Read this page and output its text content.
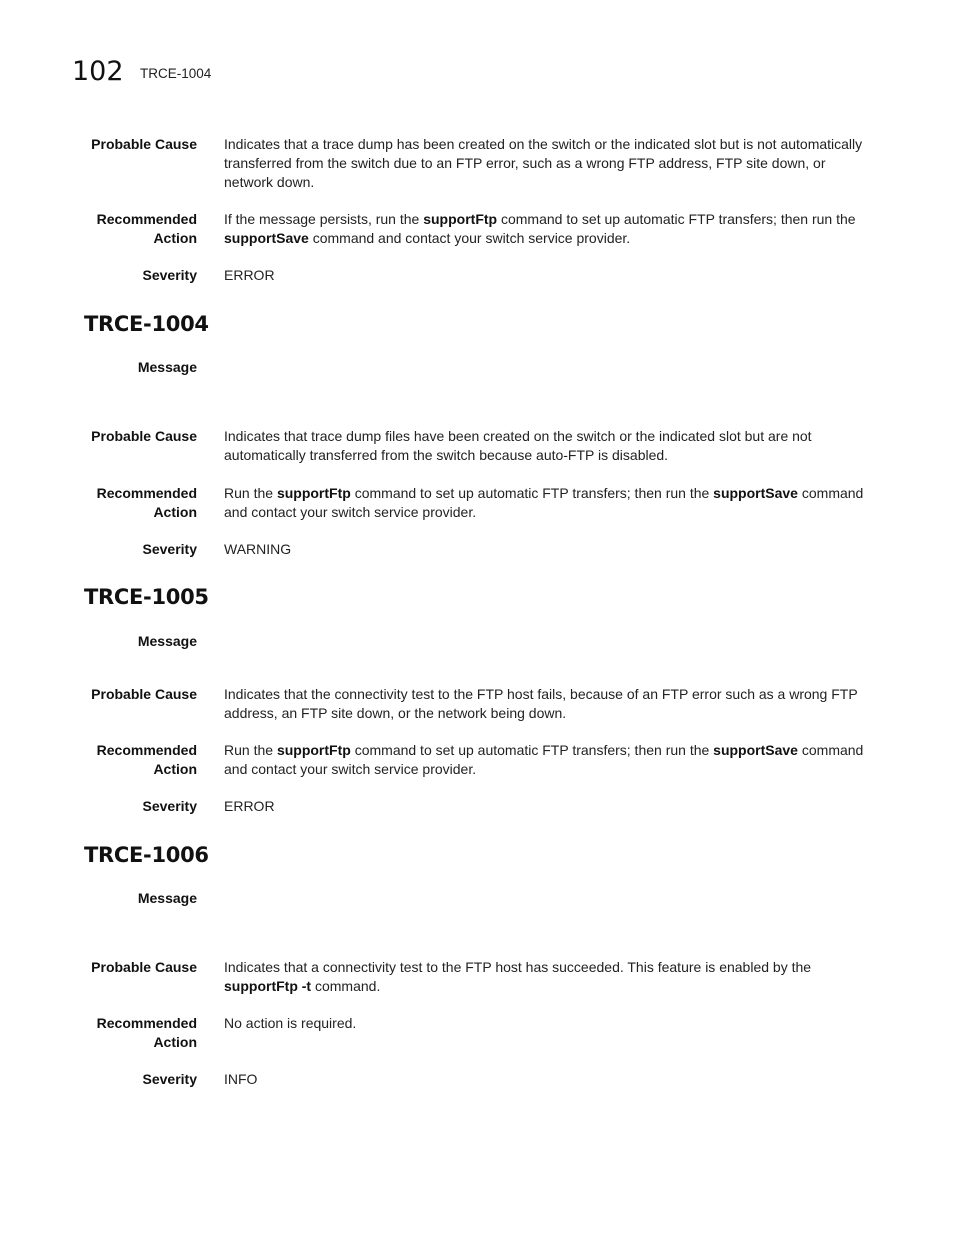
102 TRCE-1004
Probable Cause Indicates that a trace dump has been created on the switch or the indicated slot but is not automatically transferred from the switch due to an FTP error, such as a wrong FTP address, FTP site down, or network down.
Recommended
Action
If the message persists, run the supportFtp command to set up automatic FTP transfers; then run the supportSave command and contact your switch service provider.
Severity ERROR
TRCE-1004
Message
Probable Cause Indicates that trace dump files have been created on the switch or the indicated slot but are not automatically transferred from the switch because auto-FTP is disabled.
Recommended
Action
Run the supportFtp command to set up automatic FTP transfers; then run the supportSave command and contact your switch service provider.
Severity WARNING
TRCE-1005
Message
Probable Cause Indicates that the connectivity test to the FTP host fails, because of an FTP error such as a wrong FTP address, an FTP site down, or the network being down.
Recommended
Action
Run the supportFtp command to set up automatic FTP transfers; then run the supportSave command and contact your switch service provider.
Severity ERROR
TRCE-1006
Message
Probable Cause Indicates that a connectivity test to the FTP host has succeeded. This feature is enabled by the supportFtp -t command.
Recommended
Action
No action is required.
Severity INFO
